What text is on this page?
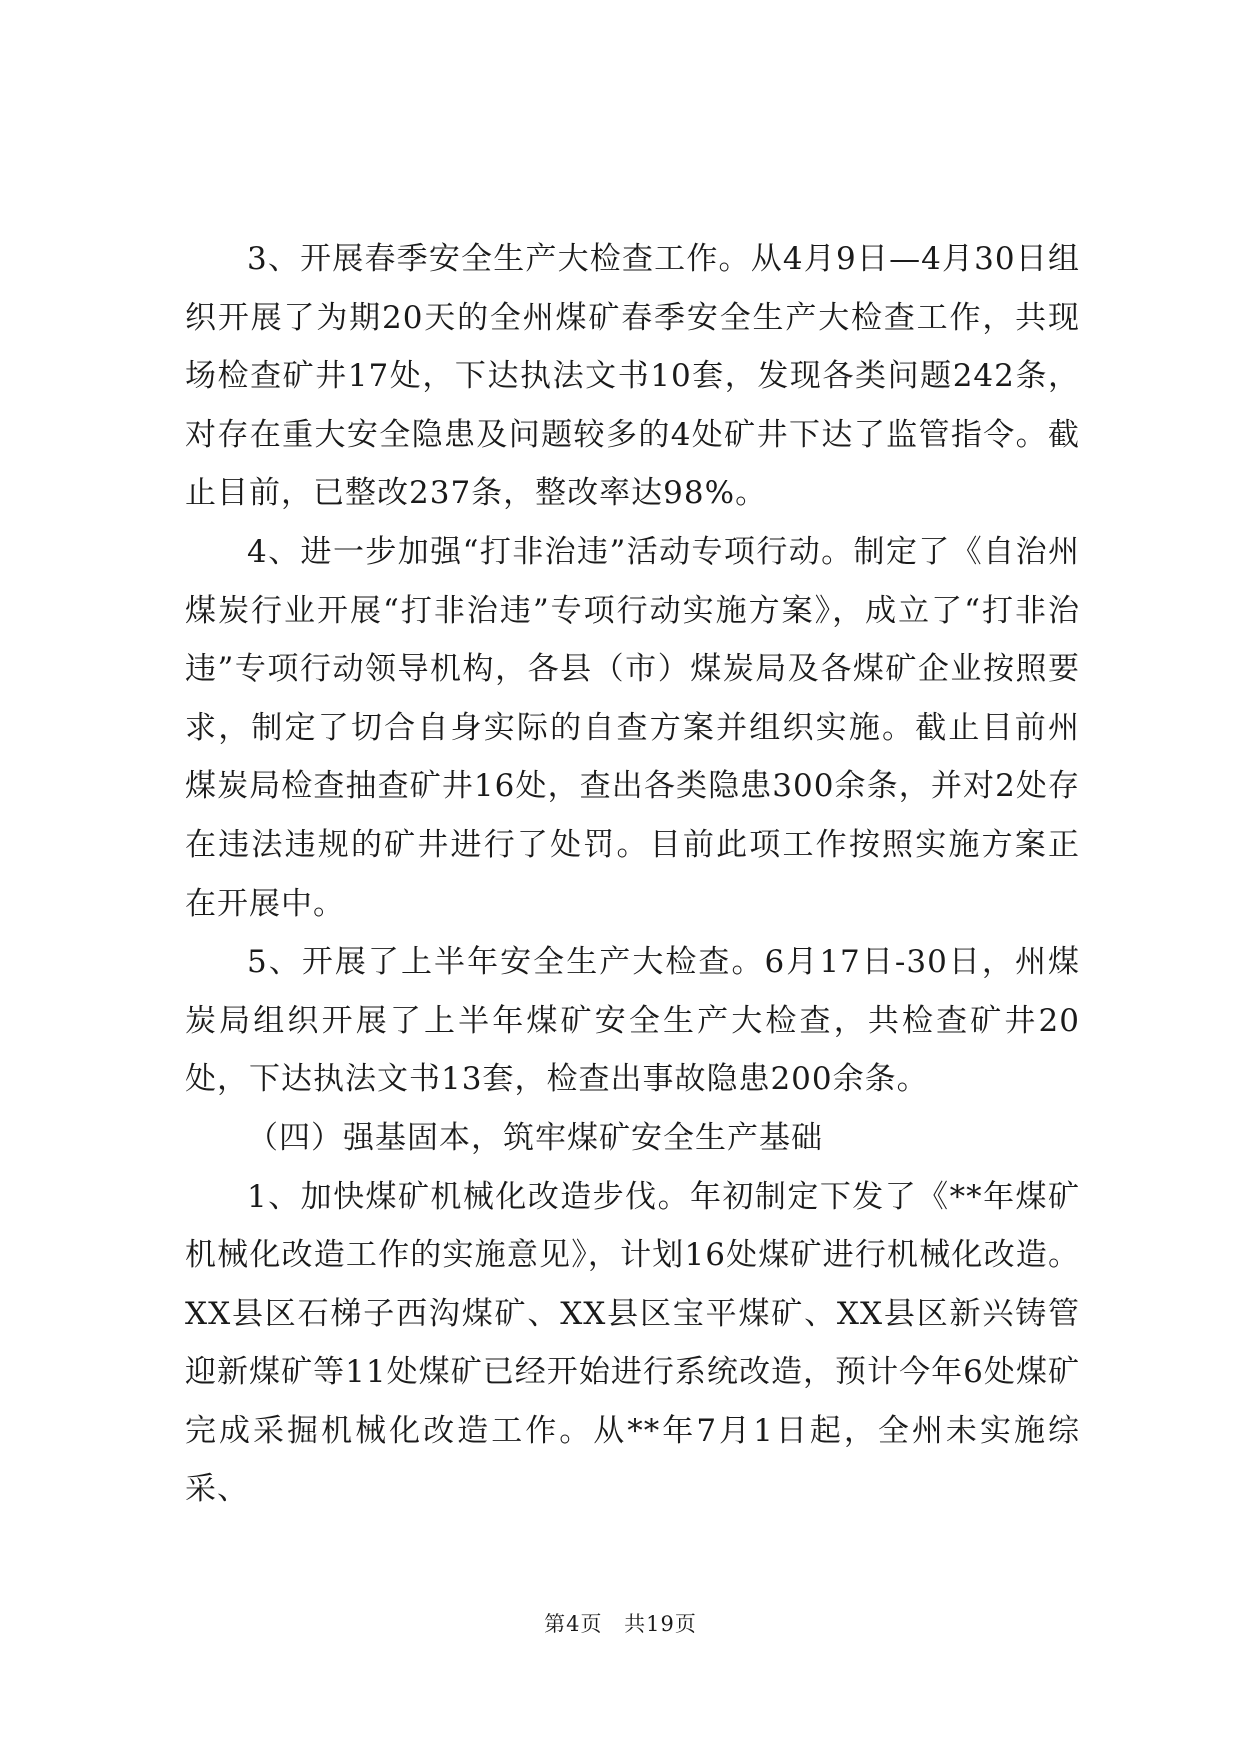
3、开展春季安全生产大检查工作。从4月9日—4月30日组织开展了为期20天的全州煤矿春季安全生产大检查工作，共现场检查矿井17处，下达执法文书10套，发现各类问题242条，对存在重大安全隐患及问题较多的4处矿井下达了监管指令。截止目前，已整改237条，整改率达98%。

4、进一步加强“打非治违”活动专项行动。制定了《自治州煤炭行业开展“打非治违”专项行动实施方案》，成立了“打非治违”专项行动领导机构，各县（市）煤炭局及各煤矿企业按照要求，制定了切合自身实际的自查方案并组织实施。截止目前州煤炭局检查抽查矿井16处，查出各类隐患300余条，并对2处存在违法违规的矿井进行了处罚。目前此项工作按照实施方案正在开展中。

5、开展了上半年安全生产大检查。6月17日-30日，州煤炭局组织开展了上半年煤矿安全生产大检查，共检查矿井20处，下达执法文书13套，检查出事故隐患200余条。

（四）强基固本，筑牢煤矿安全生产基础

1、加快煤矿机械化改造步伐。年初制定下发了《**年煤矿机械化改造工作的实施意见》，计划16处煤矿进行机械化改造。XX县区石梯子西沟煤矿、XX县区宝平煤矿、XX县区新兴铸管迎新煤矿等11处煤矿已经开始进行系统改造，预计今年6处煤矿完成采掘机械化改造工作。从**年7月1日起，全州未实施综采、

第4页 共19页
